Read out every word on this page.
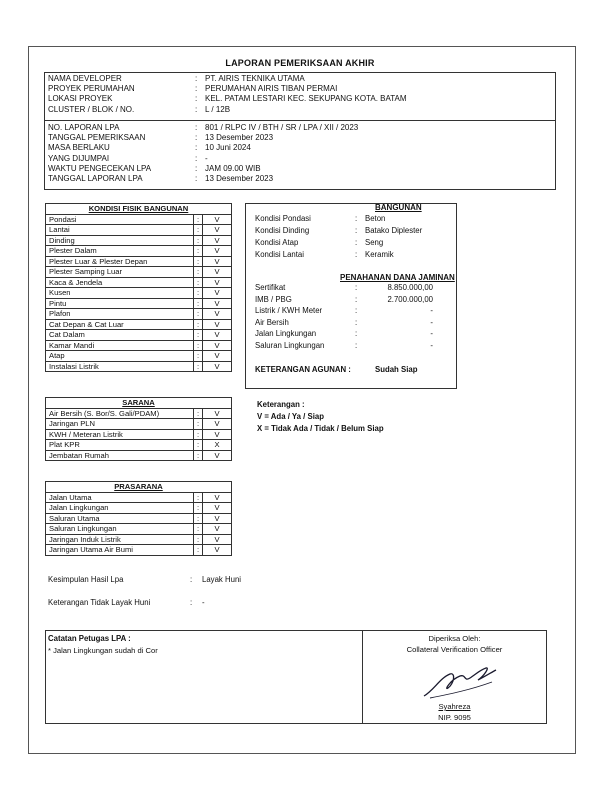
LAPORAN PEMERIKSAAN AKHIR
NAMA DEVELOPER	: PT. AIRIS TEKNIKA UTAMA
PROYEK PERUMAHAN	: PERUMAHAN AIRIS TIBAN PERMAI
LOKASI PROYEK	: KEL. PATAM LESTARI KEC. SEKUPANG KOTA. BATAM
CLUSTER / BLOK / NO.	: L / 12B
NO. LAPORAN LPA	: 801 / RLPC IV / BTH / SR / LPA / XII / 2023
TANGGAL PEMERIKSAAN	: 13 Desember 2023
MASA BERLAKU	: 10 Juni 2024
YANG DIJUMPAI	: -
WAKTU PENGECEKAN LPA	: JAM 09.00 WIB
TANGGAL LAPORAN LPA	: 13 Desember 2023
KONDISI FISIK BANGUNAN		
Pondasi	:	V
Lantai	:	V
Dinding	:	V
Plester Dalam	:	V
Plester Luar & Plester Depan	:	V
Plester Samping Luar	:	V
Kaca & Jendela	:	V
Kusen	:	V
Pintu	:	V
Plafon	:	V
Cat Depan & Cat Luar	:	V
Cat Dalam	:	V
Kamar Mandi	:	V
Atap	:	V
Instalasi Listrik	:	V
SARANA		
Air Bersih (S. Bor/S. Gali/PDAM)	:	V
Jaringan PLN	:	V
KWH / Meteran Listrik	:	V
Plat KPR	:	X
Jembatan Rumah	:	V
PRASARANA		
Jalan Utama	:	V
Jalan Lingkungan	:	V
Saluran Utama	:	V
Saluran Lingkungan	:	V
Jaringan Induk Listrik	:	V
Jaringan Utama Air Bumi	:	V
BANGUNAN
Kondisi Pondasi	: Beton
Kondisi Dinding	: Batako Diplester
Kondisi Atap	: Seng
Kondisi Lantai	: Keramik
PENAHANAN DANA JAMINAN
Sertifikat	:	8.850.000,00
IMB / PBG	:	2.700.000,00
Listrik / KWH Meter	:	-
Air Bersih	:	-
Jalan Lingkungan	:	-
Saluran Lingkungan	:	-
KETERANGAN AGUNAN :	Sudah Siap
Keterangan :
V = Ada / Ya / Siap
X = Tidak Ada / Tidak / Belum Siap
Kesimpulan Hasil Lpa	: Layak Huni
Keterangan Tidak Layak Huni	: -
Catatan Petugas LPA :
* Jalan Lingkungan sudah di Cor
Diperiksa Oleh:
Collateral Verification Officer
Syahreza
NIP. 9095
